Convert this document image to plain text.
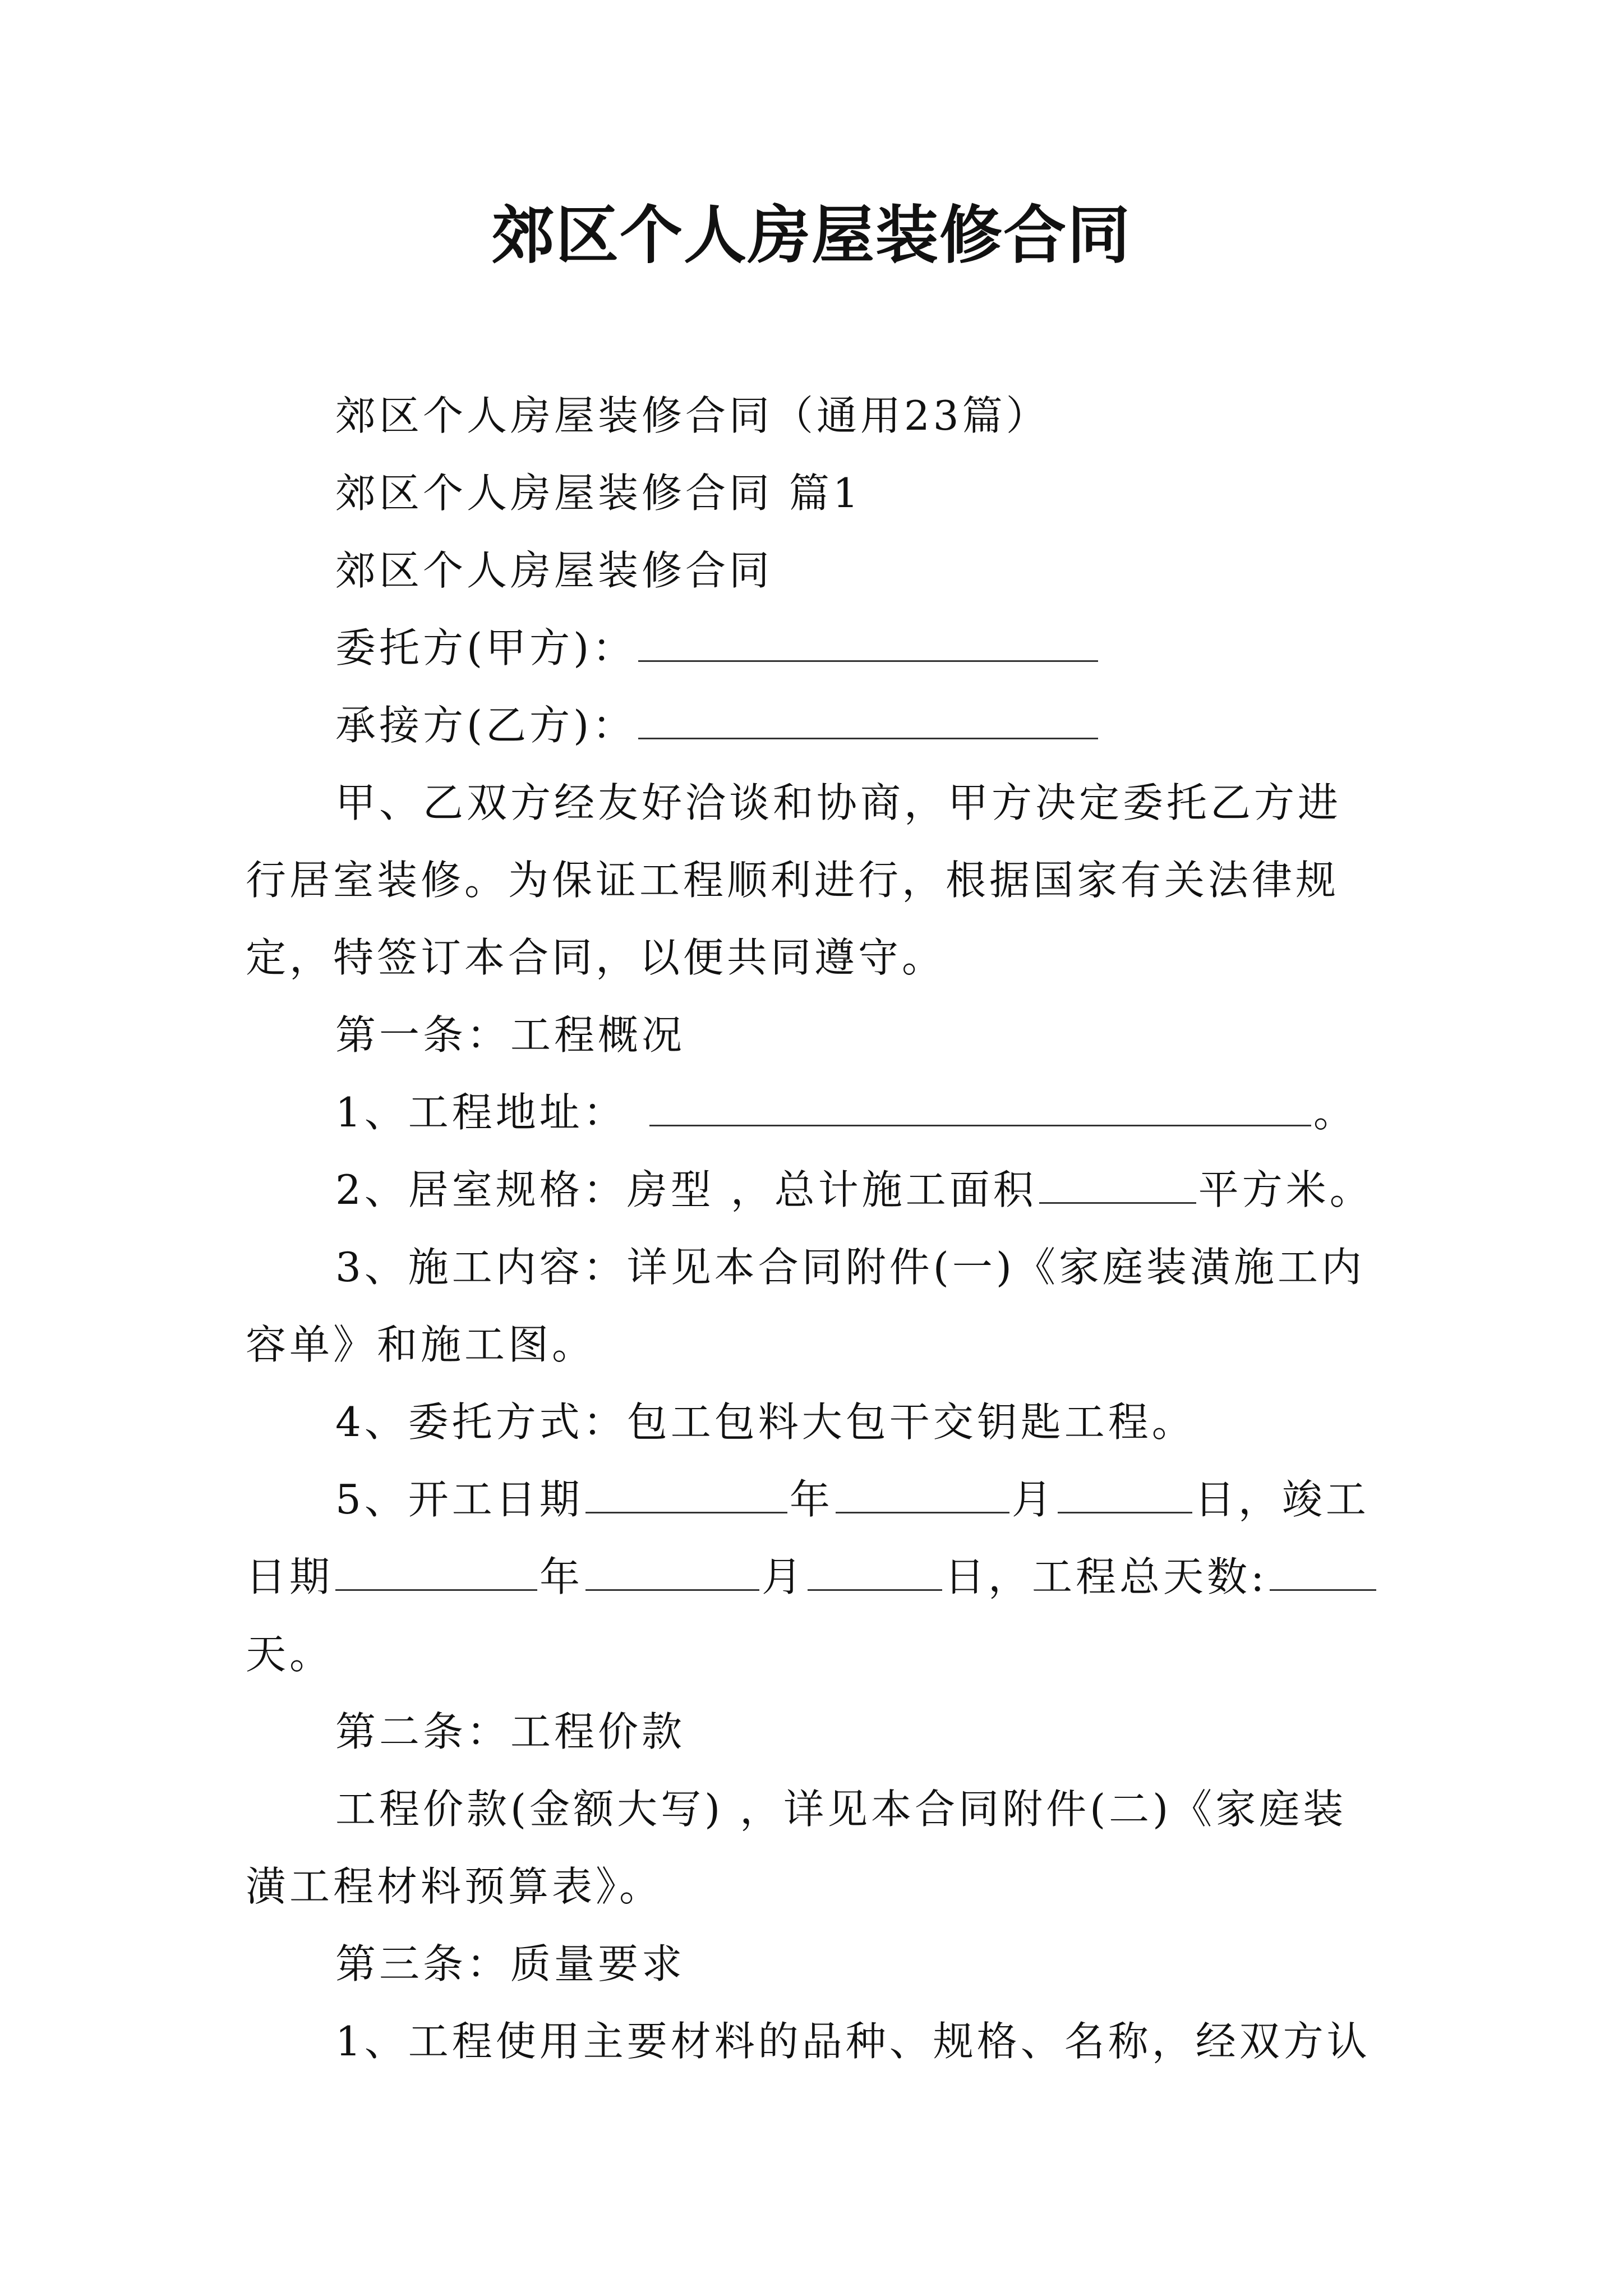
郊区个人房屋装修合同

郊区个人房屋装修合同（通用23篇）

郊区个人房屋装修合同 篇1

郊区个人房屋装修合同

委托方(甲方)：

承接方(乙方)：

甲、乙双方经友好洽谈和协商，甲方决定委托乙方进行居室装修。为保证工程顺利进行，根据国家有关法律规定，特签订本合同，以便共同遵守。

第一条：工程概况

1、工程地址：	。

2、居室规格：房型 ，总计施工面积	平方米。

3、施工内容：详见本合同附件(一)《家庭装潢施工内容单》和施工图。

4、委托方式：包工包料大包干交钥匙工程。

5、开工日期	年	月	日，竣工日期	年	月	日，工程总天数:天。

第二条：工程价款

工程价款(金额大写) ，详见本合同附件(二)《家庭装潢工程材料预算表》。

第三条：质量要求

1、工程使用主要材料的品种、规格、名称，经双方认
